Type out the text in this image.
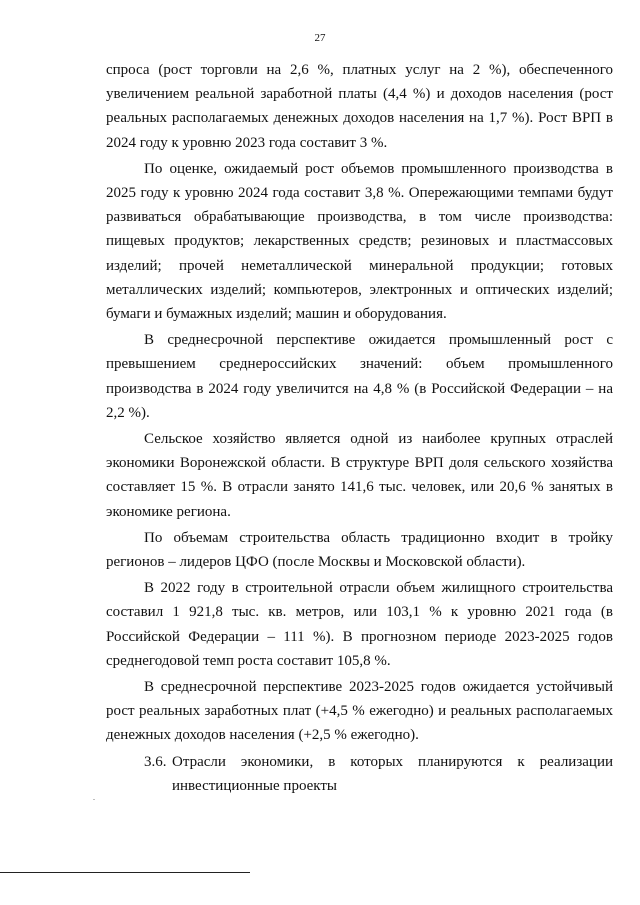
27

спроса (рост торговли на 2,6 %, платных услуг на 2 %), обеспеченного увеличением реальной заработной платы (4,4 %) и доходов населения (рост реальных располагаемых денежных доходов населения на 1,7 %). Рост ВРП в 2024 году к уровню 2023 года составит 3 %.

По оценке, ожидаемый рост объемов промышленного производства в 2025 году к уровню 2024 года составит 3,8 %. Опережающими темпами будут развиваться обрабатывающие производства, в том числе производства: пищевых продуктов; лекарственных средств; резиновых и пластмассовых изделий; прочей неметаллической минеральной продукции; готовых металлических изделий; компьютеров, электронных и оптических изделий; бумаги и бумажных изделий; машин и оборудования.

В среднесрочной перспективе ожидается промышленный рост с превышением среднероссийских значений: объем промышленного производства в 2024 году увеличится на 4,8 % (в Российской Федерации – на 2,2 %).

Сельское хозяйство является одной из наиболее крупных отраслей экономики Воронежской области. В структуре ВРП доля сельского хозяйства составляет 15 %. В отрасли занято 141,6 тыс. человек, или 20,6 % занятых в экономике региона.

По объемам строительства область традиционно входит в тройку регионов – лидеров ЦФО (после Москвы и Московской области).

В 2022 году в строительной отрасли объем жилищного строительства составил 1 921,8 тыс. кв. метров, или 103,1 % к уровню 2021 года (в Российской Федерации – 111 %). В прогнозном периоде 2023-2025 годов среднегодовой темп роста составит 105,8 %.

В среднесрочной перспективе 2023-2025 годов ожидается устойчивый рост реальных заработных плат (+4,5 % ежегодно) и реальных располагаемых денежных доходов населения (+2,5 % ежегодно).

3.6. Отрасли экономики, в которых планируются к реализации инвестиционные проекты
.
